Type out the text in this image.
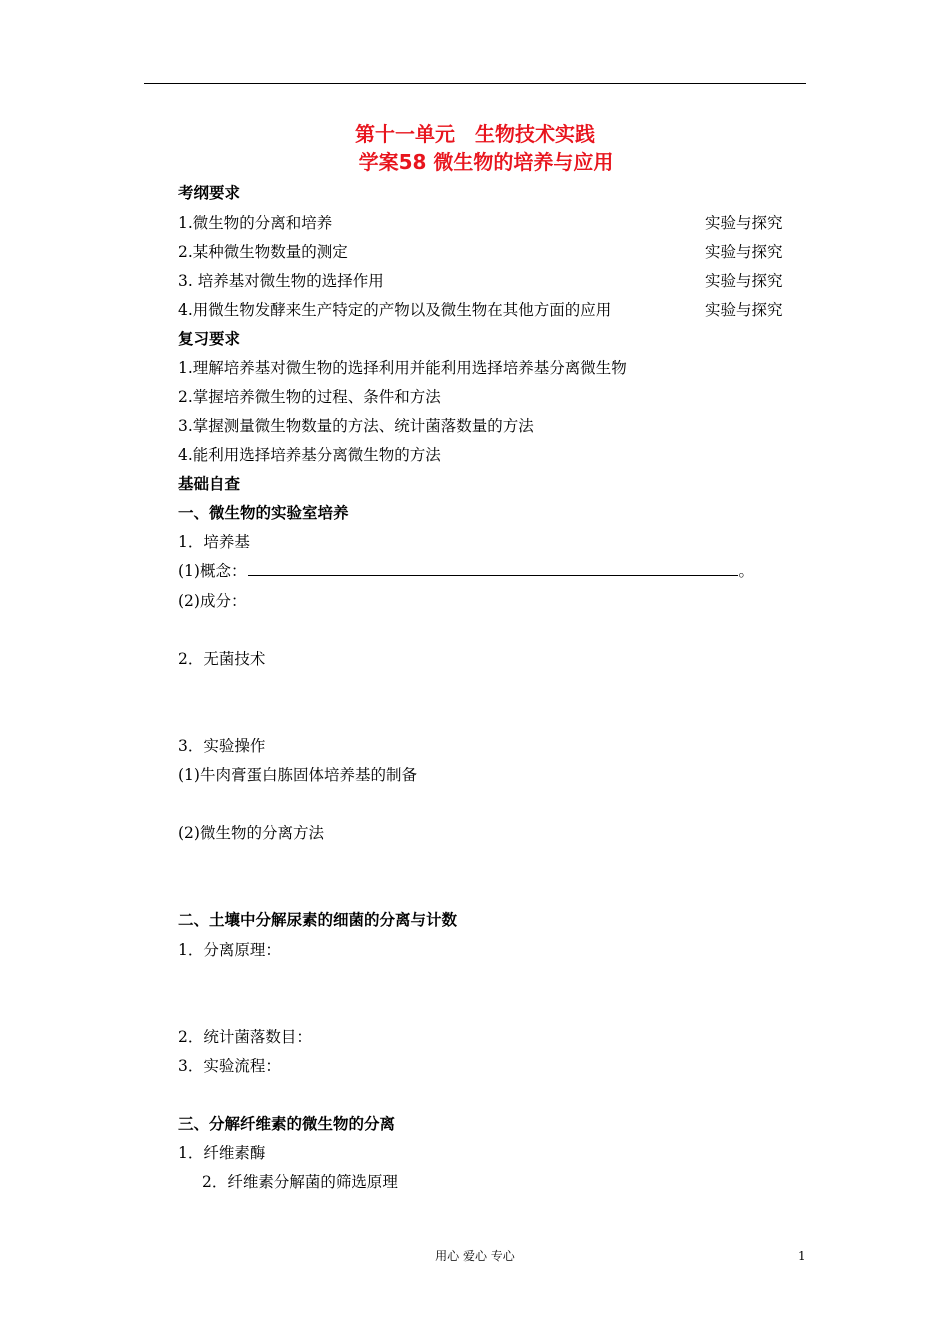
第十一单元　生物技术实践
学案58 微生物的培养与应用
考纲要求
1.微生物的分离和培养	实验与探究
2.某种微生物数量的测定	实验与探究
3. 培养基对微生物的选择作用	实验与探究
4.用微生物发酵来生产特定的产物以及微生物在其他方面的应用	实验与探究
复习要求
1.理解培养基对微生物的选择利用并能利用选择培养基分离微生物
2.掌握培养微生物的过程、条件和方法
3.掌握测量微生物数量的方法、统计菌落数量的方法
4.能利用选择培养基分离微生物的方法
基础自查
一、微生物的实验室培养
1．培养基
(1)概念：	。
(2)成分：
2．无菌技术
3．实验操作
(1)牛肉膏蛋白胨固体培养基的制备
(2)微生物的分离方法
二、土壤中分解尿素的细菌的分离与计数
1．分离原理：
2．统计菌落数目：
3．实验流程：
三、分解纤维素的微生物的分离
1．纤维素酶
2．纤维素分解菌的筛选原理
用心 爱心 专心	1
